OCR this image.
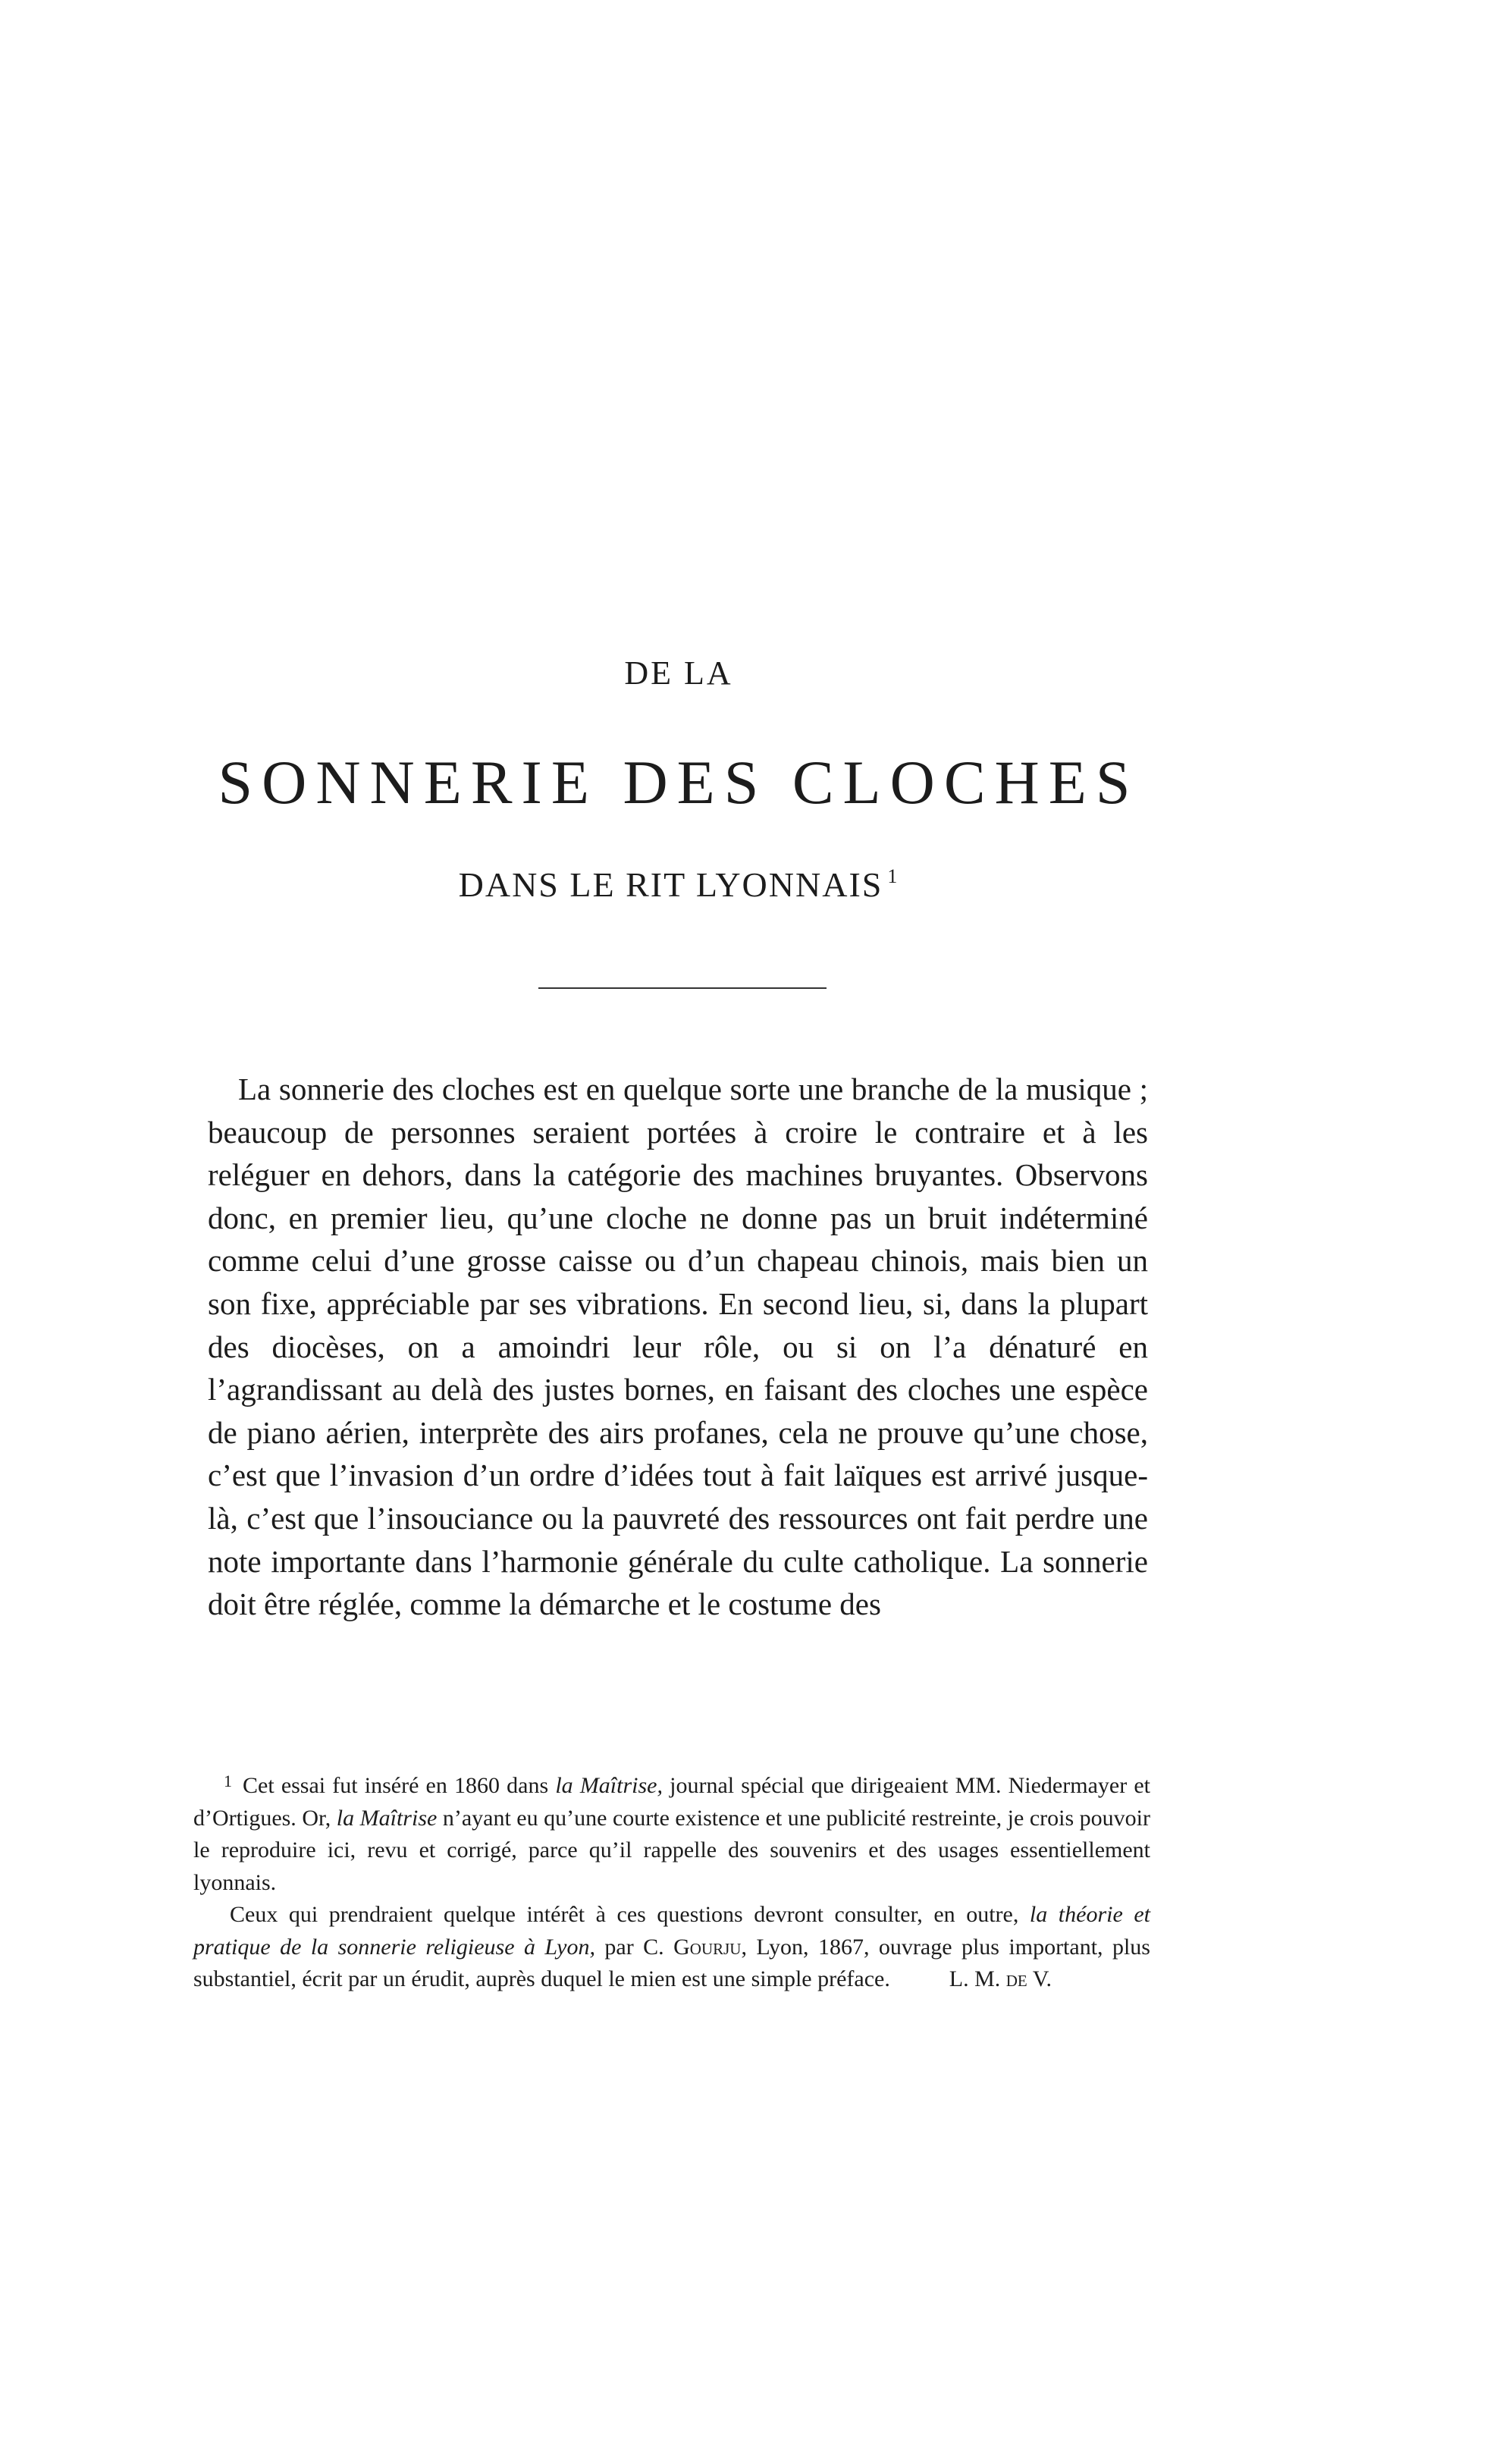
DE LA
SONNERIE DES CLOCHES
DANS LE RIT LYONNAIS $^1$

La sonnerie des cloches est en quelque sorte une branche de la musique ; beaucoup de personnes seraient portées à croire le contraire et à les reléguer en dehors, dans la catégorie des machines bruyantes. Observons donc, en premier lieu, qu’une cloche ne donne pas un bruit indéterminé comme celui d’une grosse caisse ou d’un chapeau chinois, mais bien un son fixe, appréciable par ses vibrations. En second lieu, si, dans la plupart des diocèses, on a amoindri leur rôle, ou si on l’a dénaturé en l’agrandissant au delà des justes bornes, en faisant des cloches une espèce de piano aérien, interprète des airs profanes, cela ne prouve qu’une chose, c’est que l’invasion d’un ordre d’idées tout à fait laïques est arrivé jusque-là, c’est que l’insouciance ou la pauvreté des ressources ont fait perdre une note importante dans l’harmonie générale du culte catholique. La sonnerie doit être réglée, comme la démarche et le costume des

$^1$ Cet essai fut inséré en 1860 dans la Maîtrise, journal spécial que dirigeaient MM. Niedermayer et d’Ortigues. Or, la Maîtrise n’ayant eu qu’une courte existence et une publicité restreinte, je crois pouvoir le reproduire ici, revu et corrigé, parce qu’il rappelle des souvenirs et des usages essentiellement lyonnais.

Ceux qui prendraient quelque intérêt à ces questions devront consulter, en outre, la théorie et pratique de la sonnerie religieuse à Lyon, par C. Gourju, Lyon, 1867, ouvrage plus important, plus substantiel, écrit par un érudit, auprès duquel le mien est une simple préface.	L. M. de V.
